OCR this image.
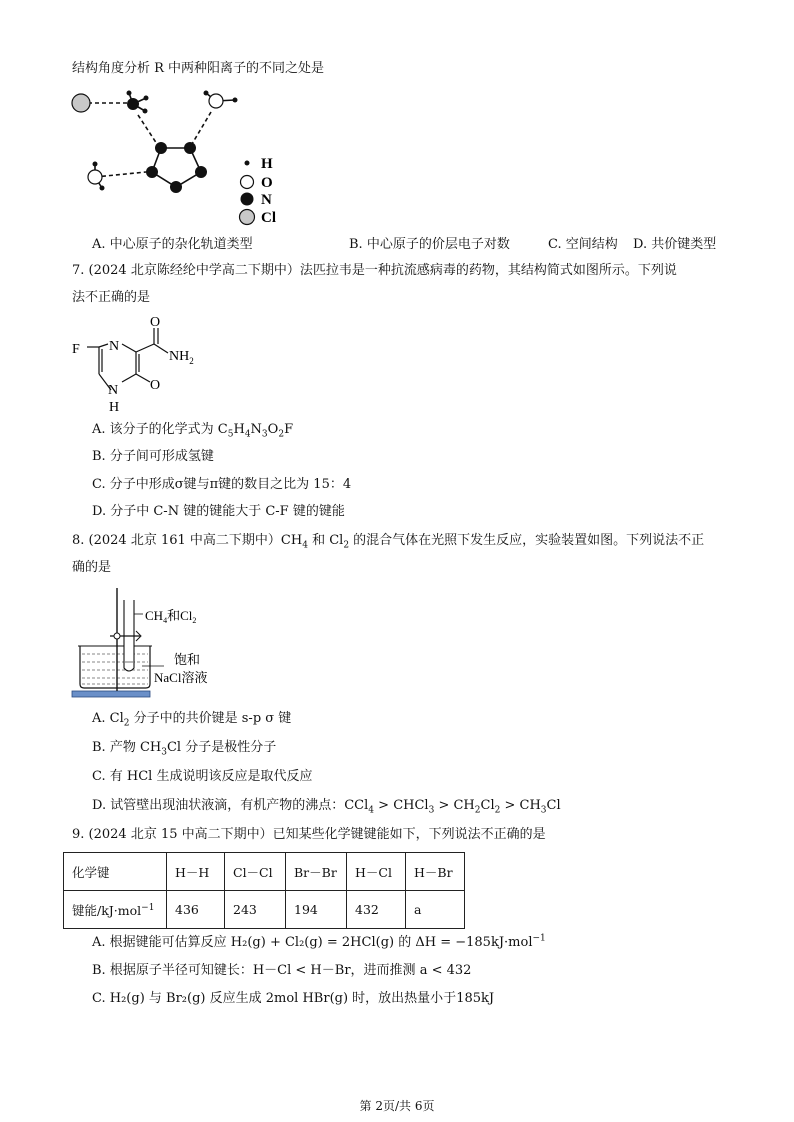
结构角度分析 R 中两种阳离子的不同之处是
H
O
N
Cl
A. 中心原子的杂化轨道类型	B. 中心原子的价层电子对数	C. 空间结构 D. 共价键类型
7. (2024 北京陈经纶中学高二下期中）法匹拉韦是一种抗流感病毒的药物，其结构简式如图所示。下列说
法不正确的是
F N
O
$NH_2$
O
N
H
A. 该分子的化学式为 $C_5H_4N_3O_2F$
B. 分子间可形成氢键
C. 分子中形成σ键与π键的数目之比为 15：4
D. 分子中 C-N 键的键能大于 C-F 键的键能
8. (2024 北京 161 中高二下期中）$CH_4$ 和 $Cl_2$ 的混合气体在光照下发生反应，实验装置如图。下列说法不正
确的是
$CH_4$和$Cl_2$
饱和
NaCl溶液
A. $Cl_2$ 分子中的共价键是 s-p σ 键
B. 产物 $CH_3Cl$ 分子是极性分子
C. 有 HCl 生成说明该反应是取代反应
D. 试管壁出现油状液滴，有机产物的沸点：CCl$_4$ > CHCl$_3$ > $CH_2Cl_2 > CH_3Cl$
9. (2024 北京 15 中高二下期中）已知某些化学键键能如下，下列说法不正确的是
化学键	H－H	Cl－Cl	Br－Br	H－Cl	H－Br
键能/kJ·mol$^{-1}$	436	243	194	432	a
A. 根据键能可估算反应 H₂(g) + Cl₂(g) = 2HCl(g) 的 ΔH = −185kJ·mol$^{-1}$
B. 根据原子半径可知键长：H－Cl < H－Br，进而推测 a < 432
C. H₂(g) 与 Br₂(g) 反应生成 2mol HBr(g) 时，放出热量小于185kJ
第 2页/共 6页
